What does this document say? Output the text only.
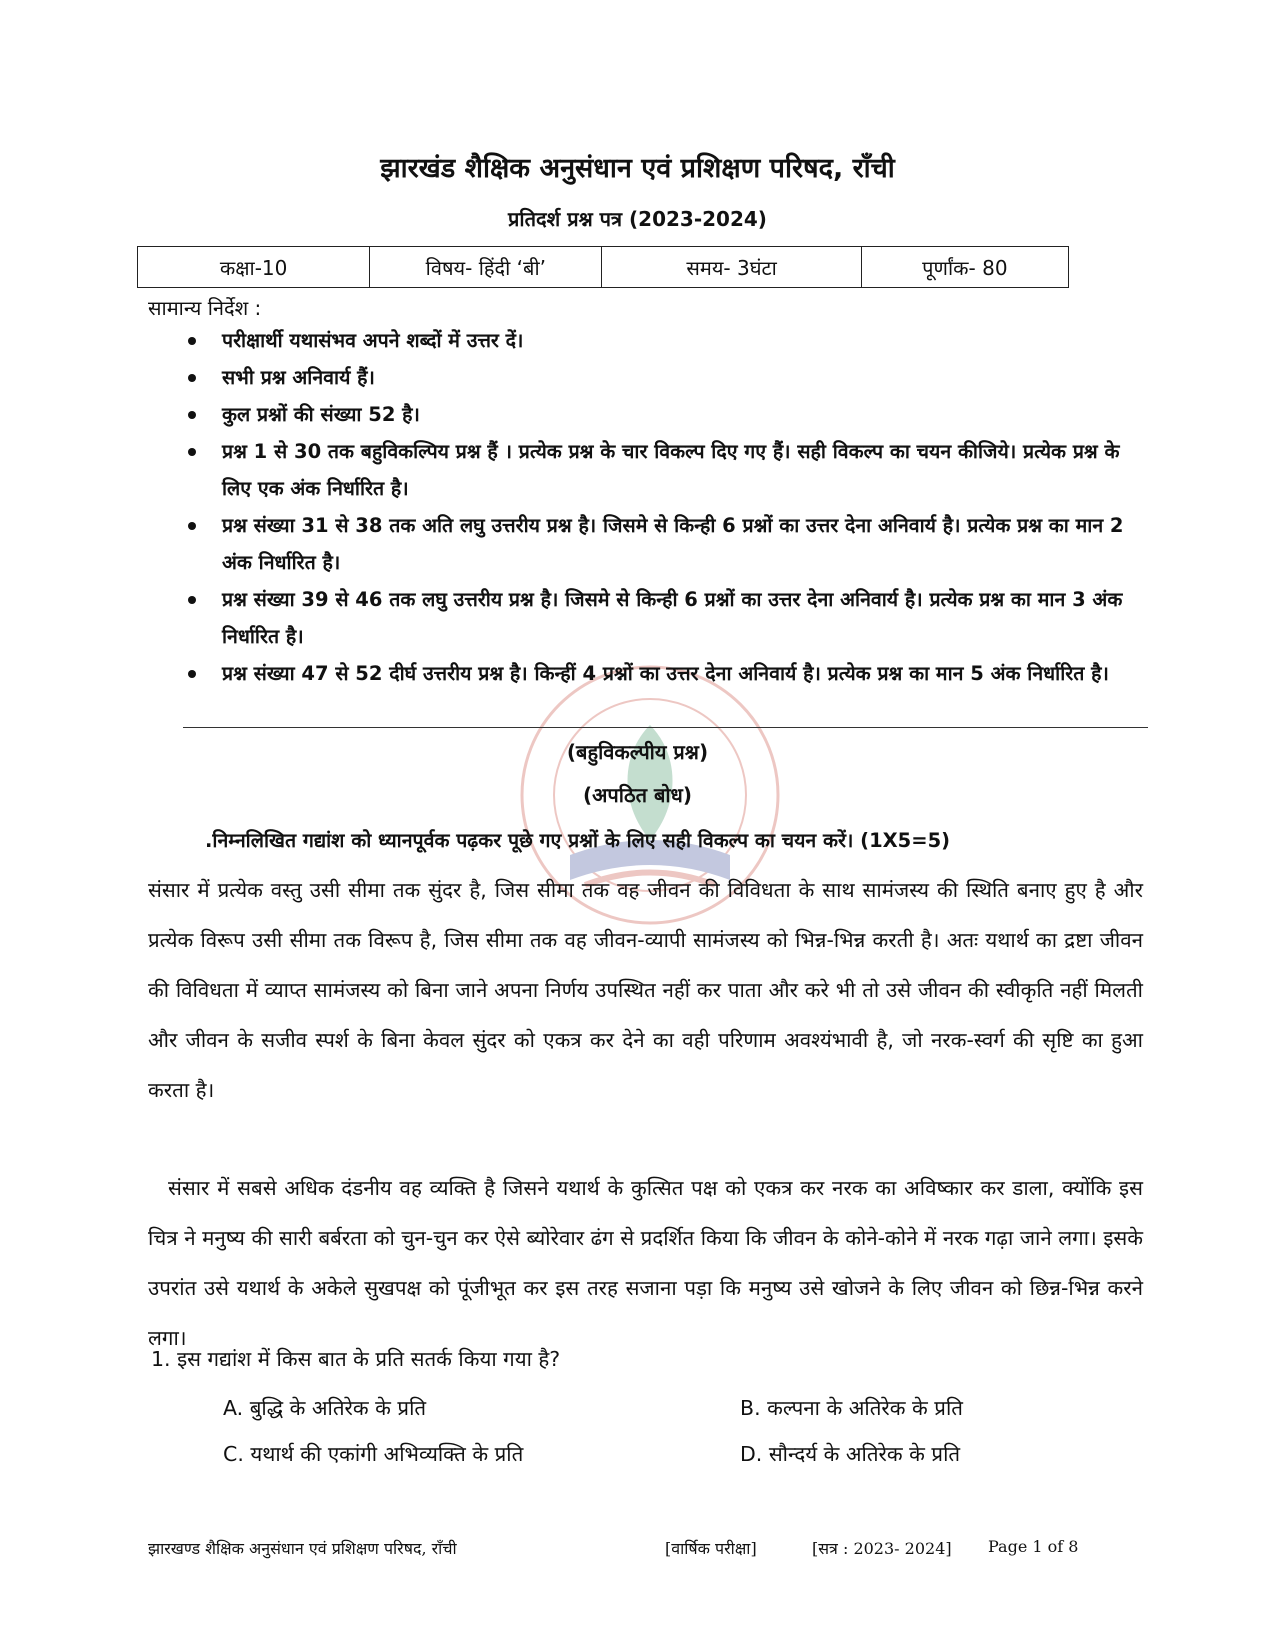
झारखंड शैक्षिक अनुसंधान एवं प्रशिक्षण परिषद, राँची
प्रतिदर्श प्रश्न पत्र (2023-2024)
कक्षा-10	विषय- हिंदी ‘बी’	समय- 3घंटा	पूर्णांक- 80
सामान्य निर्देश :
परीक्षार्थी यथासंभव अपने शब्दों में उत्तर दें।
सभी प्रश्न अनिवार्य हैं।
कुल प्रश्नों की संख्या 52 है।
प्रश्न 1 से 30 तक बहुविकल्पिय प्रश्न हैं । प्रत्येक प्रश्न के चार विकल्प दिए गए हैं। सही विकल्प का चयन कीजिये। प्रत्येक प्रश्न के लिए एक अंक निर्धारित है।
प्रश्न संख्या 31 से 38 तक अति लघु उत्तरीय प्रश्न है। जिसमे से किन्ही 6 प्रश्नों का उत्तर देना अनिवार्य है। प्रत्येक प्रश्न का मान 2 अंक निर्धारित है।
प्रश्न संख्या 39 से 46 तक लघु उत्तरीय प्रश्न है। जिसमे से किन्ही 6 प्रश्नों का उत्तर देना अनिवार्य है। प्रत्येक प्रश्न का मान 3 अंक निर्धारित है।
प्रश्न संख्या 47 से 52 दीर्घ उत्तरीय प्रश्न है। किन्हीं 4 प्रश्नों का उत्तर देना अनिवार्य है। प्रत्येक प्रश्न का मान 5 अंक निर्धारित है।
(बहुविकल्पीय प्रश्न)
(अपठित बोध)
.निम्नलिखित गद्यांश को ध्यानपूर्वक पढ़कर पूछे गए प्रश्नों के लिए सही विकल्प का चयन करें। (1X5=5)

संसार में प्रत्येक वस्तु उसी सीमा तक सुंदर है, जिस सीमा तक वह जीवन की विविधता के साथ सामंजस्य की स्थिति बनाए हुए है और प्रत्येक विरूप उसी सीमा तक विरूप है, जिस सीमा तक वह जीवन-व्यापी सामंजस्य को भिन्न-भिन्न करती है। अतः यथार्थ का द्रष्टा जीवन की विविधता में व्याप्त सामंजस्य को बिना जाने अपना निर्णय उपस्थित नहीं कर पाता और करे भी तो उसे जीवन की स्वीकृति नहीं मिलती और जीवन के सजीव स्पर्श के बिना केवल सुंदर को एकत्र कर देने का वही परिणाम अवश्यंभावी है, जो नरक-स्वर्ग की सृष्टि का हुआ करता है।

संसार में सबसे अधिक दंडनीय वह व्यक्ति है जिसने यथार्थ के कुत्सित पक्ष को एकत्र कर नरक का अविष्कार कर डाला, क्योंकि इस चित्र ने मनुष्य की सारी बर्बरता को चुन-चुन कर ऐसे ब्योरेवार ढंग से प्रदर्शित किया कि जीवन के कोने-कोने में नरक गढ़ा जाने लगा। इसके उपरांत उसे यथार्थ के अकेले सुखपक्ष को पूंजीभूत कर इस तरह सजाना पड़ा कि मनुष्य उसे खोजने के लिए जीवन को छिन्न-भिन्न करने लगा।

1. इस गद्यांश में किस बात के प्रति सतर्क किया गया है?
A. बुद्धि के अतिरेक के प्रति	B. कल्पना के अतिरेक के प्रति
C. यथार्थ की एकांगी अभिव्यक्ति के प्रति	D. सौन्दर्य के अतिरेक के प्रति
झारखण्ड शैक्षिक अनुसंधान एवं प्रशिक्षण परिषद, राँची	[वार्षिक परीक्षा]	[सत्र : 2023- 2024] Page 1 of 8
